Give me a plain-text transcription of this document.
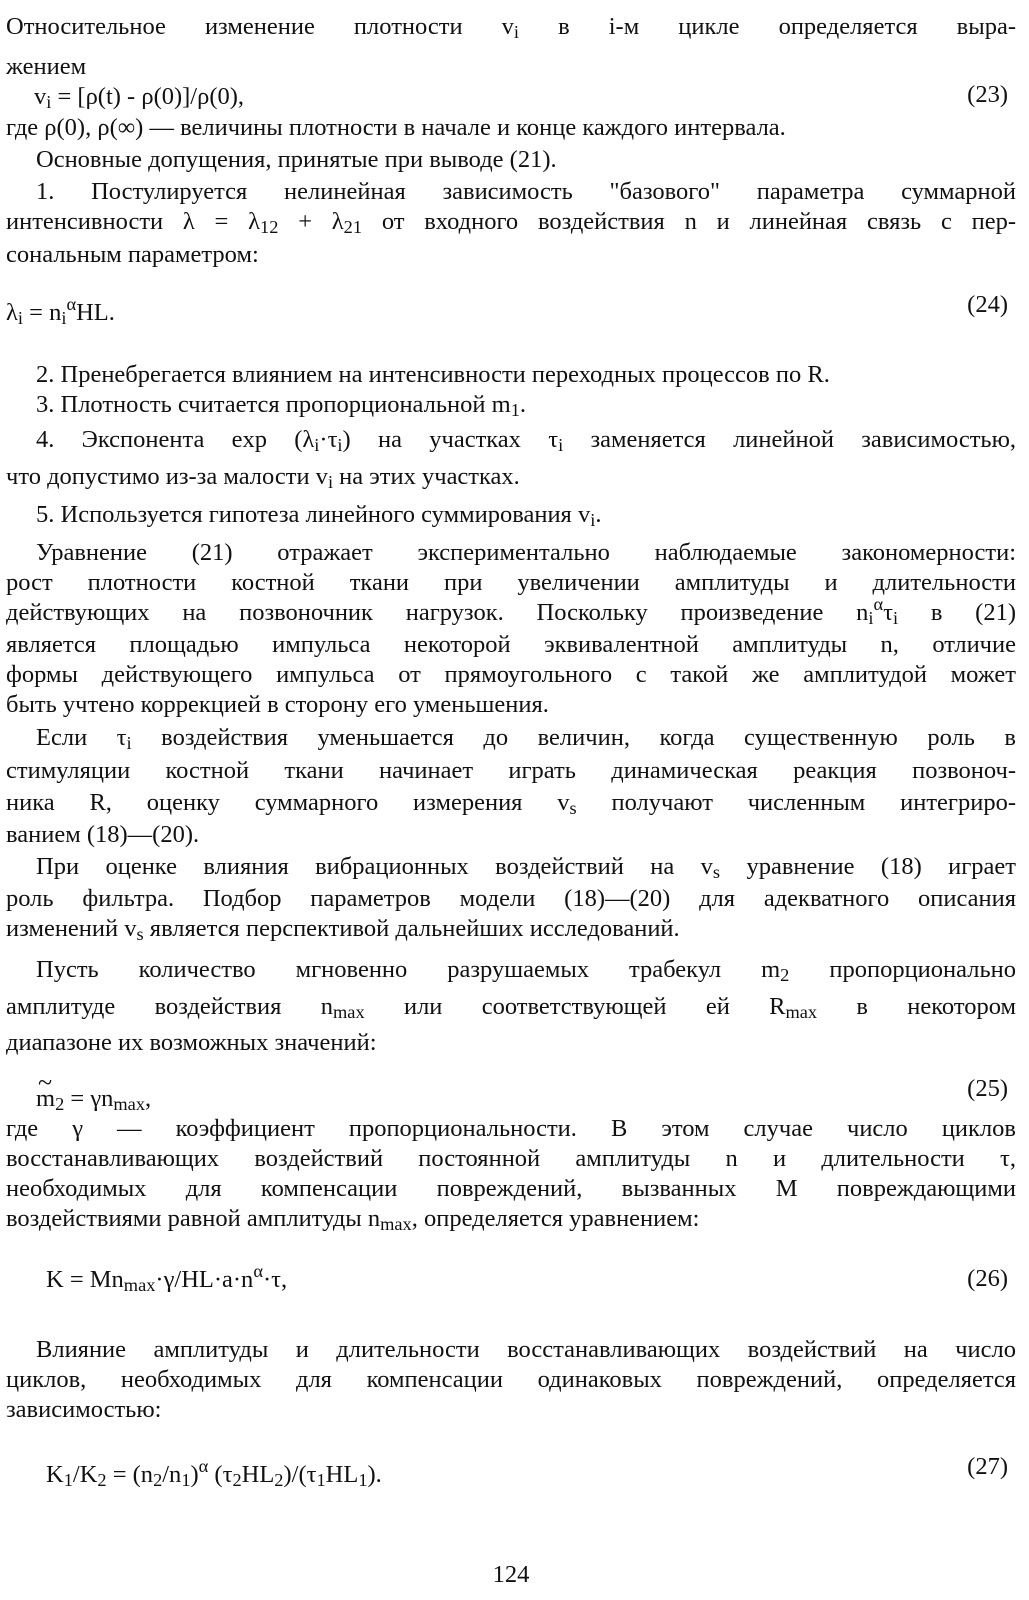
Относительное изменение плотности $v_i$ в i-м цикле определяется выра-
жением
$v_i = [\rho(t) - \rho(0)]/\rho(0)$,	(23)
где ρ(0), ρ(∞) — величины плотности в начале и конце каждого интервала.
Основные допущения, принятые при выводе (21).
1. Постулируется нелинейная зависимость "базового" параметра суммарной
интенсивности $\lambda = \lambda_{12} + \lambda_{21}$ от входного воздействия n и линейная связь с пер-
сональным параметром:
$\lambda_i = n_i^\alpha HL$.	(24)
2. Пренебрегается влиянием на интенсивности переходных процессов по R.
3. Плотность считается пропорциональной $m_1$.
4. Экспонента $\exp (\lambda_i\cdot\tau_i)$ на участках $\tau_i$ заменяется линейной зависимостью,
что допустимо из-за малости $v_i$ на этих участках.
5. Используется гипотеза линейного суммирования $v_i$.
Уравнение (21) отражает экспериментально наблюдаемые закономерности:
рост плотности костной ткани при увеличении амплитуды и длительности
действующих на позвоночник нагрузок. Поскольку произведение $n_i^\alpha\tau_i$ в (21)
является площадью импульса некоторой эквивалентной амплитуды n, отличие
формы действующего импульса от прямоугольного с такой же амплитудой может
быть учтено коррекцией в сторону его уменьшения.
Если $\tau_i$ воздействия уменьшается до величин, когда существенную роль в
стимуляции костной ткани начинает играть динамическая реакция позвоноч-
ника R, оценку суммарного измерения $v_s$ получают численным интегриро-
ванием (18)—(20).
При оценке влияния вибрационных воздействий на $v_s$ уравнение (18) играет
роль фильтра. Подбор параметров модели (18)—(20) для адекватного описания
изменений $v_s$ является перспективой дальнейших исследований.
Пусть количество мгновенно разрушаемых трабекул $m_2$ пропорционально
амплитуде воздействия $n_{max}$ или соответствующей ей $R_{max}$ в некотором
диапазоне их возможных значений:
~ $m_2 = \gamma n_{max}$,	(25)
где γ — коэффициент пропорциональности. В этом случае число циклов
восстанавливающих воздействий постоянной амплитуды n и длительности τ,
необходимых для компенсации повреждений, вызванных M повреждающими
воздействиями равной амплитуды $n_{max}$, определяется уравнением:
$K = Mn_{max}\cdot\gamma/HL\cdot a\cdot n^\alpha\cdot\tau$,	(26)
Влияние амплитуды и длительности восстанавливающих воздействий на число
циклов, необходимых для компенсации одинаковых повреждений, определяется
зависимостью:
$K_1/K_2 = (n_2/n_1)^\alpha$ $(\tau_2HL_2)/(\tau_1HL_1)$.	(27)
124
